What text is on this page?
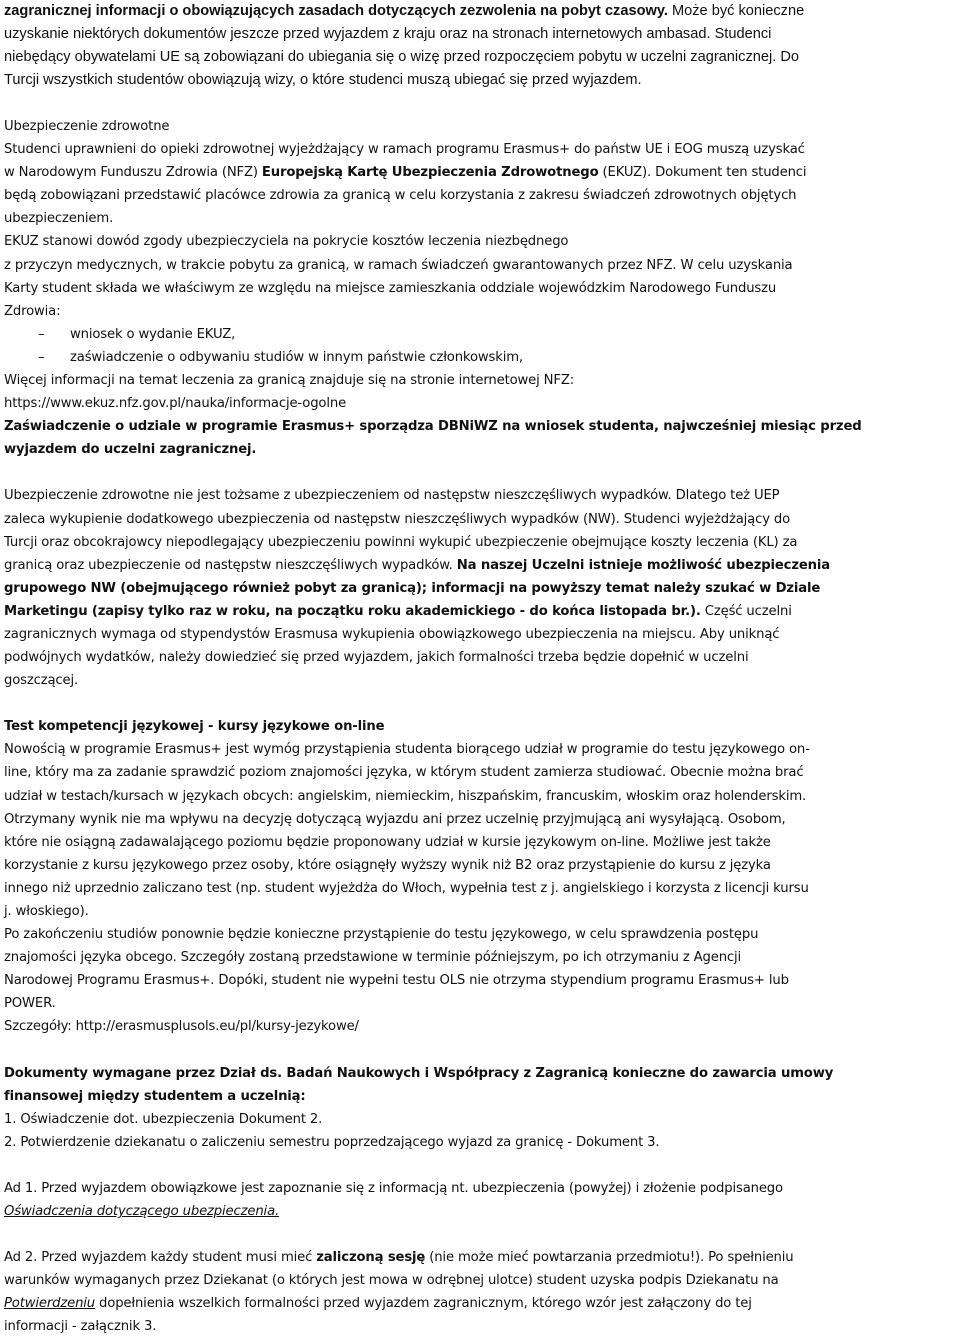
zagranicznej informacji o obowiązujących zasadach dotyczących zezwolenia na pobyt czasowy. Może być konieczne
uzyskanie niektórych dokumentów jeszcze przed wyjazdem z kraju oraz na stronach internetowych ambasad. Studenci
niebędący obywatelami UE są zobowiązani do ubiegania się o wizę przed rozpoczęciem pobytu w uczelni zagranicznej. Do
Turcji wszystkich studentów obowiązują wizy, o które studenci muszą ubiegać się przed wyjazdem.

Ubezpieczenie zdrowotne

Studenci uprawnieni do opieki zdrowotnej wyjeżdżający w ramach programu Erasmus+ do państw UE i EOG muszą uzyskać
w Narodowym Funduszu Zdrowia (NFZ) Europejską Kartę Ubezpieczenia Zdrowotnego (EKUZ). Dokument ten studenci
będą zobowiązani przedstawić placówce zdrowia za granicą w celu korzystania z zakresu świadczeń zdrowotnych objętych
ubezpieczeniem.

EKUZ stanowi dowód zgody ubezpieczyciela na pokrycie kosztów leczenia niezbędnego
z przyczyn medycznych, w trakcie pobytu za granicą, w ramach świadczeń gwarantowanych przez NFZ. W celu uzyskania
Karty student składa we właściwym ze względu na miejsce zamieszkania oddziale wojewódzkim Narodowego Funduszu
Zdrowia:

–	wniosek o wydanie EKUZ,
–	zaświadczenie o odbywaniu studiów w innym państwie członkowskim,

Więcej informacji na temat leczenia za granicą znajduje się na stronie internetowej NFZ:
https://www.ekuz.nfz.gov.pl/nauka/informacje-ogolne

Zaświadczenie o udziale w programie Erasmus+ sporządza DBNiWZ na wniosek studenta, najwcześniej miesiąc przed
wyjazdem do uczelni zagranicznej.

Ubezpieczenie zdrowotne nie jest tożsame z ubezpieczeniem od następstw nieszczęśliwych wypadków. Dlatego też UEP
zaleca wykupienie dodatkowego ubezpieczenia od następstw nieszczęśliwych wypadków (NW). Studenci wyjeżdżający do
Turcji oraz obcokrajowcy niepodlegający ubezpieczeniu powinni wykupić ubezpieczenie obejmujące koszty leczenia (KL) za
granicą oraz ubezpieczenie od następstw nieszczęśliwych wypadków. Na naszej Uczelni istnieje możliwość ubezpieczenia
grupowego NW (obejmującego również pobyt za granicą); informacji na powyższy temat należy szukać w Dziale
Marketingu (zapisy tylko raz w roku, na początku roku akademickiego - do końca listopada br.). Część uczelni
zagranicznych wymaga od stypendystów Erasmusa wykupienia obowiązkowego ubezpieczenia na miejscu. Aby uniknąć
podwójnych wydatków, należy dowiedzieć się przed wyjazdem, jakich formalności trzeba będzie dopełnić w uczelni
goszczącej.

Test kompetencji językowej - kursy językowe on-line

Nowością w programie Erasmus+ jest wymóg przystąpienia studenta biorącego udział w programie do testu językowego on-
line, który ma za zadanie sprawdzić poziom znajomości języka, w którym student zamierza studiować. Obecnie można brać
udział w testach/kursach w językach obcych: angielskim, niemieckim, hiszpańskim, francuskim, włoskim oraz holenderskim.
Otrzymany wynik nie ma wpływu na decyzję dotyczącą wyjazdu ani przez uczelnię przyjmującą ani wysyłającą. Osobom,
które nie osiągną zadawalającego poziomu będzie proponowany udział w kursie językowym on-line. Możliwe jest także
korzystanie z kursu językowego przez osoby, które osiągnęły wyższy wynik niż B2 oraz przystąpienie do kursu z języka
innego niż uprzednio zaliczano test (np. student wyjeżdża do Włoch, wypełnia test z j. angielskiego i korzysta z licencji kursu
j. włoskiego).

Po zakończeniu studiów ponownie będzie konieczne przystąpienie do testu językowego, w celu sprawdzenia postępu
znajomości języka obcego. Szczegóły zostaną przedstawione w terminie późniejszym, po ich otrzymaniu z Agencji
Narodowej Programu Erasmus+. Dopóki, student nie wypełni testu OLS nie otrzyma stypendium programu Erasmus+ lub
POWER.

Szczegóły: http://erasmusplusols.eu/pl/kursy-jezykowe/

Dokumenty wymagane przez Dział ds. Badań Naukowych i Współpracy z Zagranicą konieczne do zawarcia umowy
finansowej między studentem a uczelnią:

1. Oświadczenie dot. ubezpieczenia Dokument 2.

2. Potwierdzenie dziekanatu o zaliczeniu semestru poprzedzającego wyjazd za granicę - Dokument 3.

Ad 1. Przed wyjazdem obowiązkowe jest zapoznanie się z informacją nt. ubezpieczenia (powyżej) i złożenie podpisanego
Oświadczenia dotyczącego ubezpieczenia.

Ad 2. Przed wyjazdem każdy student musi mieć zaliczoną sesję (nie może mieć powtarzania przedmiotu!). Po spełnieniu
warunków wymaganych przez Dziekanat (o których jest mowa w odrębnej ulotce) student uzyska podpis Dziekanatu na
Potwierdzeniu dopełnienia wszelkich formalności przed wyjazdem zagranicznym, którego wzór jest załączony do tej
informacji - załącznik 3.
